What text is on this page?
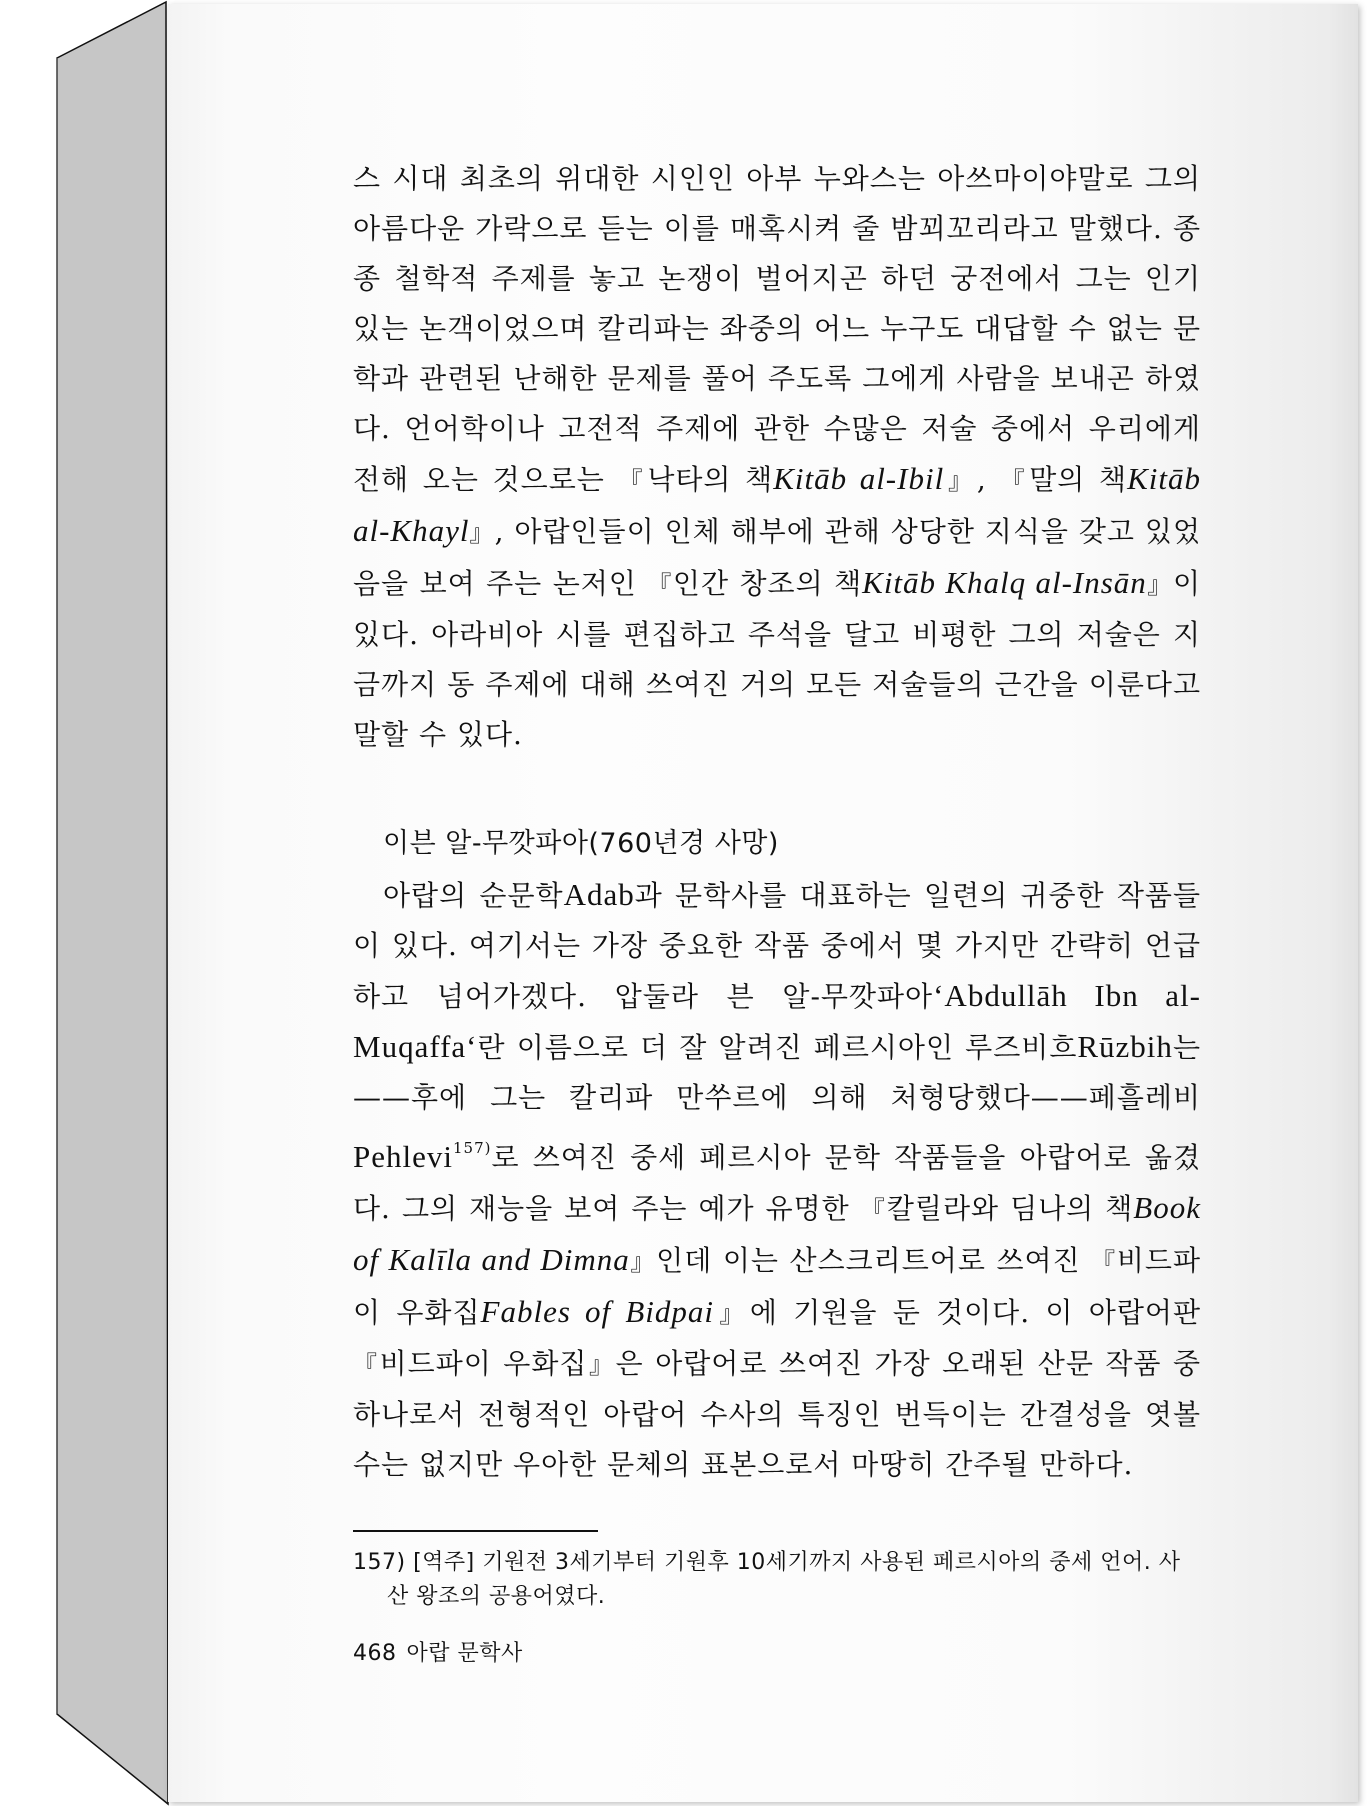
스 시대 최초의 위대한 시인인 아부 누와스는 아쓰마이야말로 그의 아름다운 가락으로 듣는 이를 매혹시켜 줄 밤꾀꼬리라고 말했다. 종종 철학적 주제를 놓고 논쟁이 벌어지곤 하던 궁전에서 그는 인기 있는 논객이었으며 칼리파는 좌중의 어느 누구도 대답할 수 없는 문학과 관련된 난해한 문제를 풀어 주도록 그에게 사람을 보내곤 하였다. 언어학이나 고전적 주제에 관한 수많은 저술 중에서 우리에게 전해 오는 것으로는 『낙타의 책Kitāb al-Ibil』, 『말의 책Kitāb al-Khayl』, 아랍인들이 인체 해부에 관해 상당한 지식을 갖고 있었음을 보여 주는 논저인 『인간 창조의 책Kitāb Khalq al-Insān』이 있다. 아라비아 시를 편집하고 주석을 달고 비평한 그의 저술은 지금까지 동 주제에 대해 쓰여진 거의 모든 저술들의 근간을 이룬다고 말할 수 있다.

이븐 알-무깟파아(760년경 사망)

아랍의 순문학Adab과 문학사를 대표하는 일련의 귀중한 작품들이 있다. 여기서는 가장 중요한 작품 중에서 몇 가지만 간략히 언급하고 넘어가겠다. 압둘라 븐 알-무깟파아‘Abdullāh Ibn al-Muqaffa‘란 이름으로 더 잘 알려진 페르시아인 루즈비흐Rūzbih는——후에 그는 칼리파 만쑤르에 의해 처형당했다——페흘레비Pehlevi$^{157)}$로 쓰여진 중세 페르시아 문학 작품들을 아랍어로 옮겼다. 그의 재능을 보여 주는 예가 유명한 『칼릴라와 딤나의 책Book of Kalīla and Dimna』인데 이는 산스크리트어로 쓰여진 『비드파이 우화집Fables of Bidpai』에 기원을 둔 것이다. 이 아랍어판 『비드파이 우화집』은 아랍어로 쓰여진 가장 오래된 산문 작품 중 하나로서 전형적인 아랍어 수사의 특징인 번득이는 간결성을 엿볼 수는 없지만 우아한 문체의 표본으로서 마땅히 간주될 만하다.

157) [역주] 기원전 3세기부터 기원후 10세기까지 사용된 페르시아의 중세 언어. 사산 왕조의 공용어였다.

468 아랍 문학사
